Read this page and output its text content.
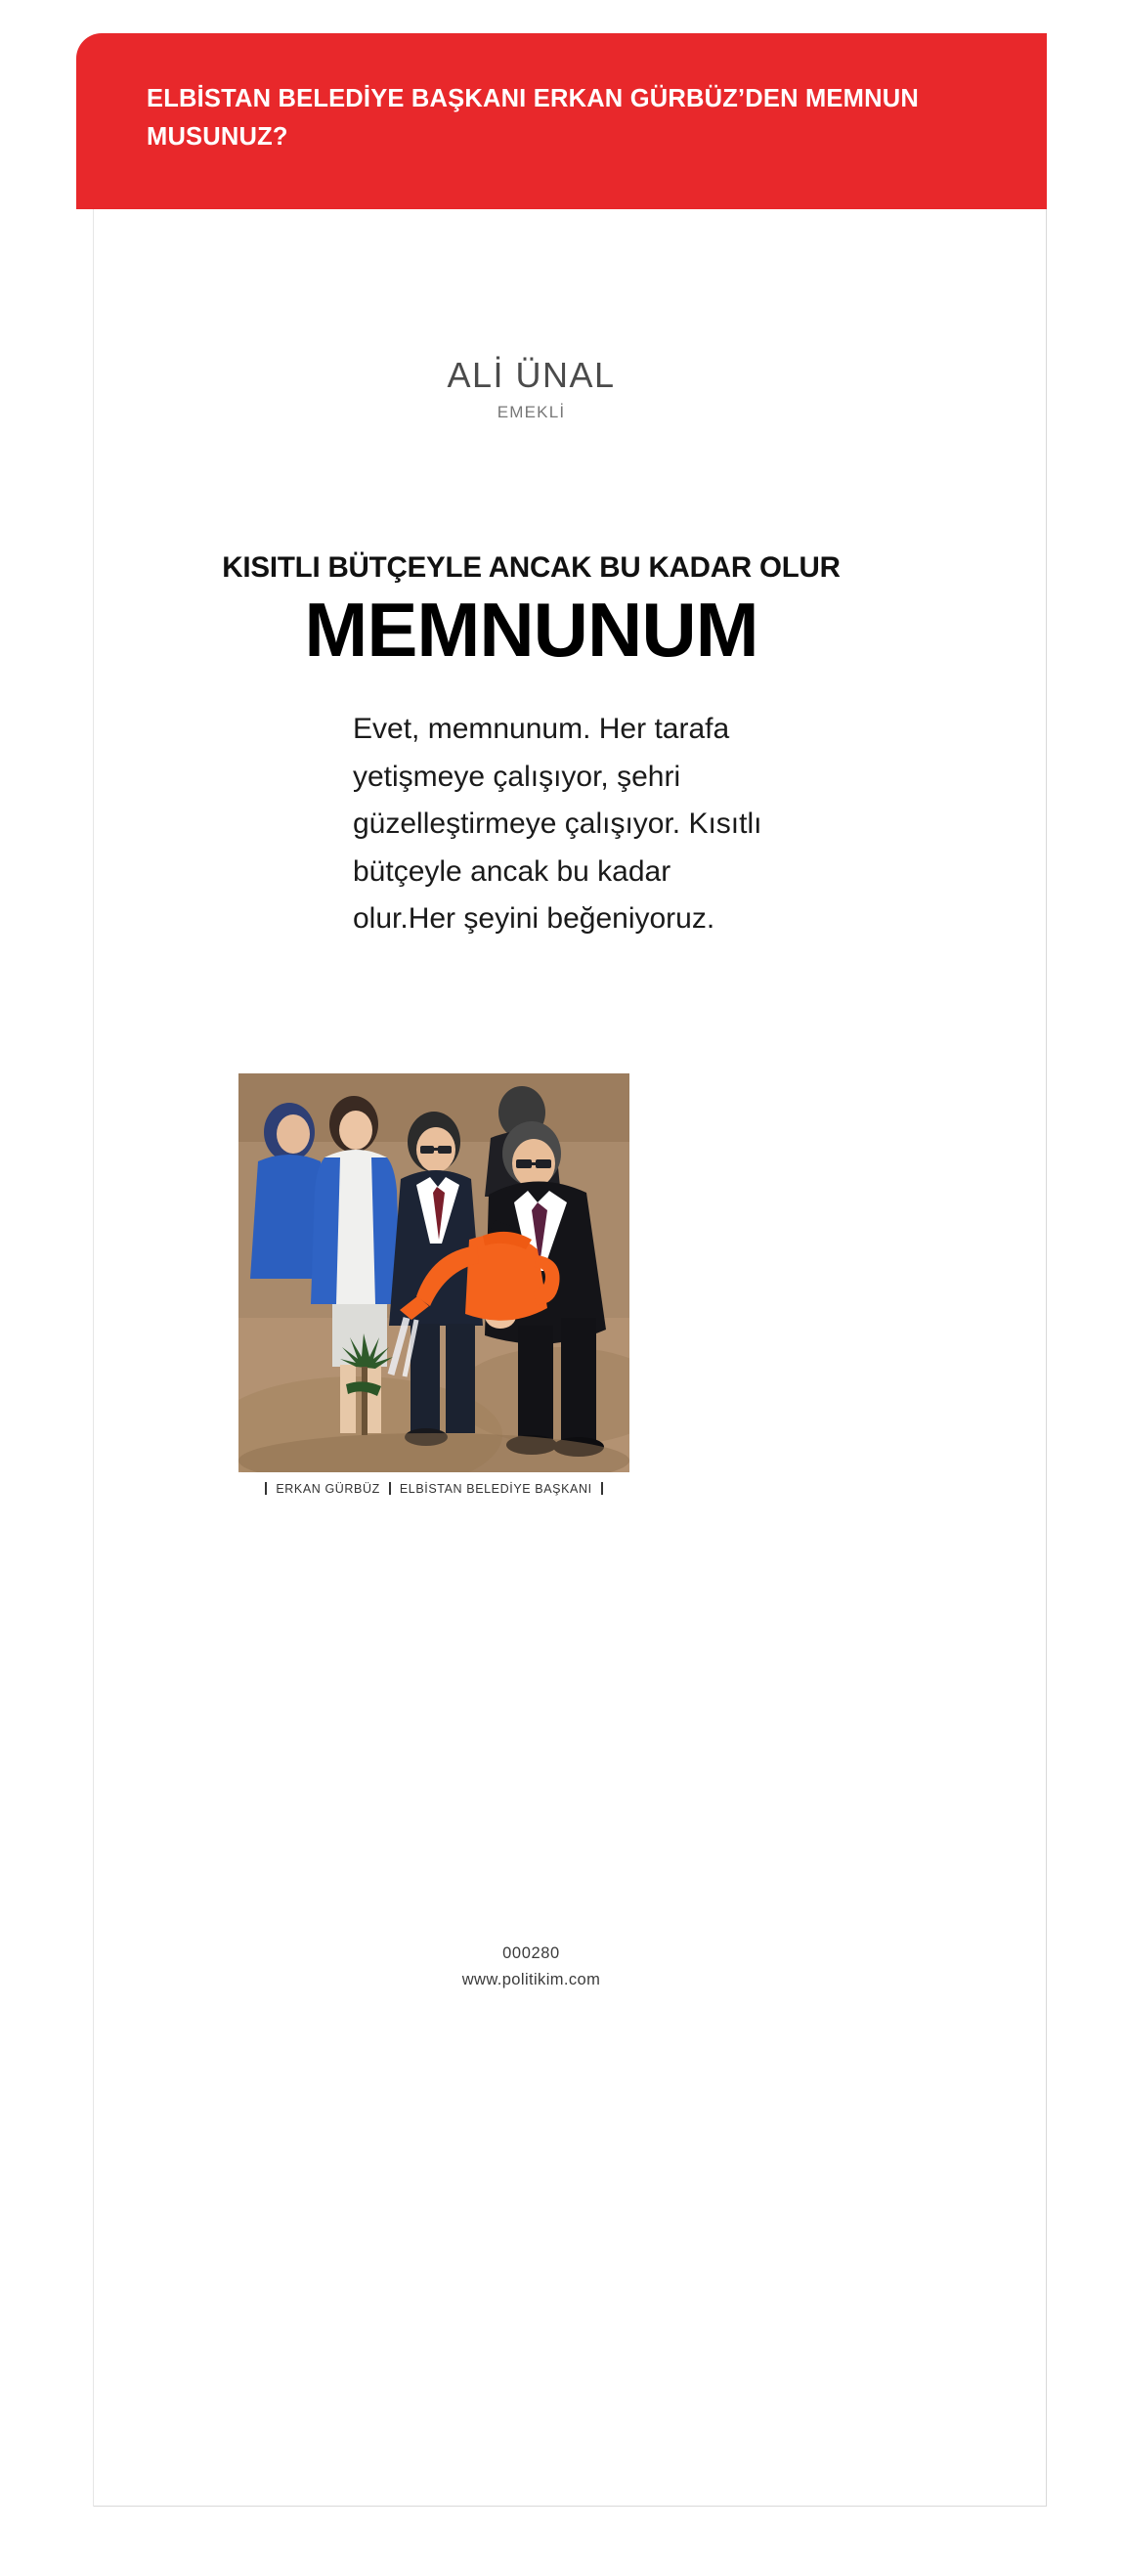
ELBİSTAN BELEDİYE BAŞKANI ERKAN GÜRBÜZ’DEN MEMNUN MUSUNUZ?
ALİ ÜNAL
EMEKLİ
KISITLI BÜTÇEYLE ANCAK BU KADAR OLUR
MEMNUNUM
Evet, memnunum. Her tarafa yetişmeye çalışıyor, şehri güzelleştirmeye çalışıyor. Kısıtlı bütçeyle ancak bu kadar olur.Her şeyini beğeniyoruz.
ERKAN GÜRBÜZ ELBİSTAN BELEDİYE BAŞKANI
000280
www.politikim.com
